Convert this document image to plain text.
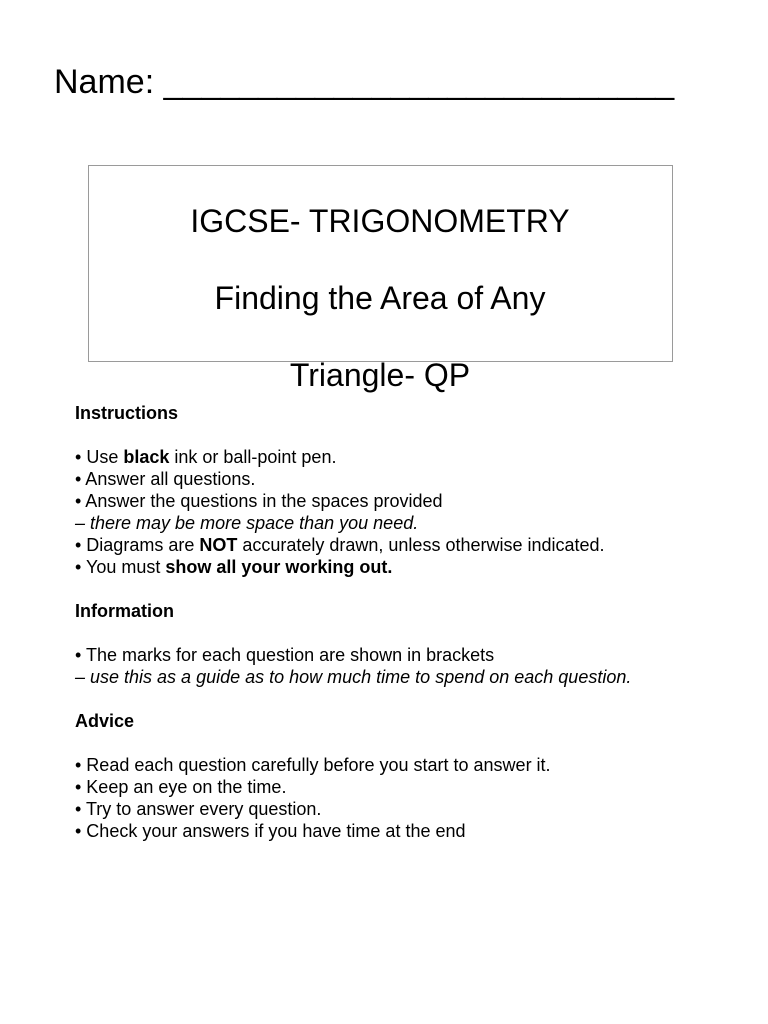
Name: ___________________________
IGCSE- TRIGONOMETRY
Finding the Area of Any
Triangle- QP

Instructions

• Use black ink or ball-point pen.
• Answer all questions.
• Answer the questions in the spaces provided
– there may be more space than you need.
• Diagrams are NOT accurately drawn, unless otherwise indicated.
• You must show all your working out.

Information

• The marks for each question are shown in brackets
– use this as a guide as to how much time to spend on each question.

Advice

• Read each question carefully before you start to answer it.
• Keep an eye on the time.
• Try to answer every question.
• Check your answers if you have time at the end
